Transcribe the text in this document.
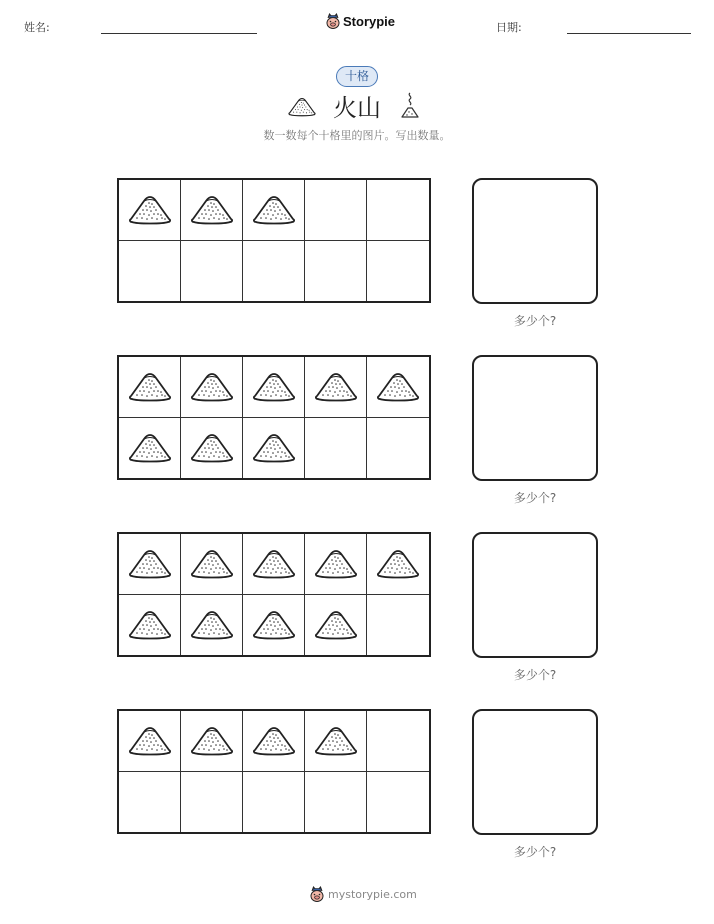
姓名:	Storypie	日期:
十格
火山
数一数每个十格里的图片。写出数量。
多少个?
多少个?
多少个?
多少个?
mystorypie.com
